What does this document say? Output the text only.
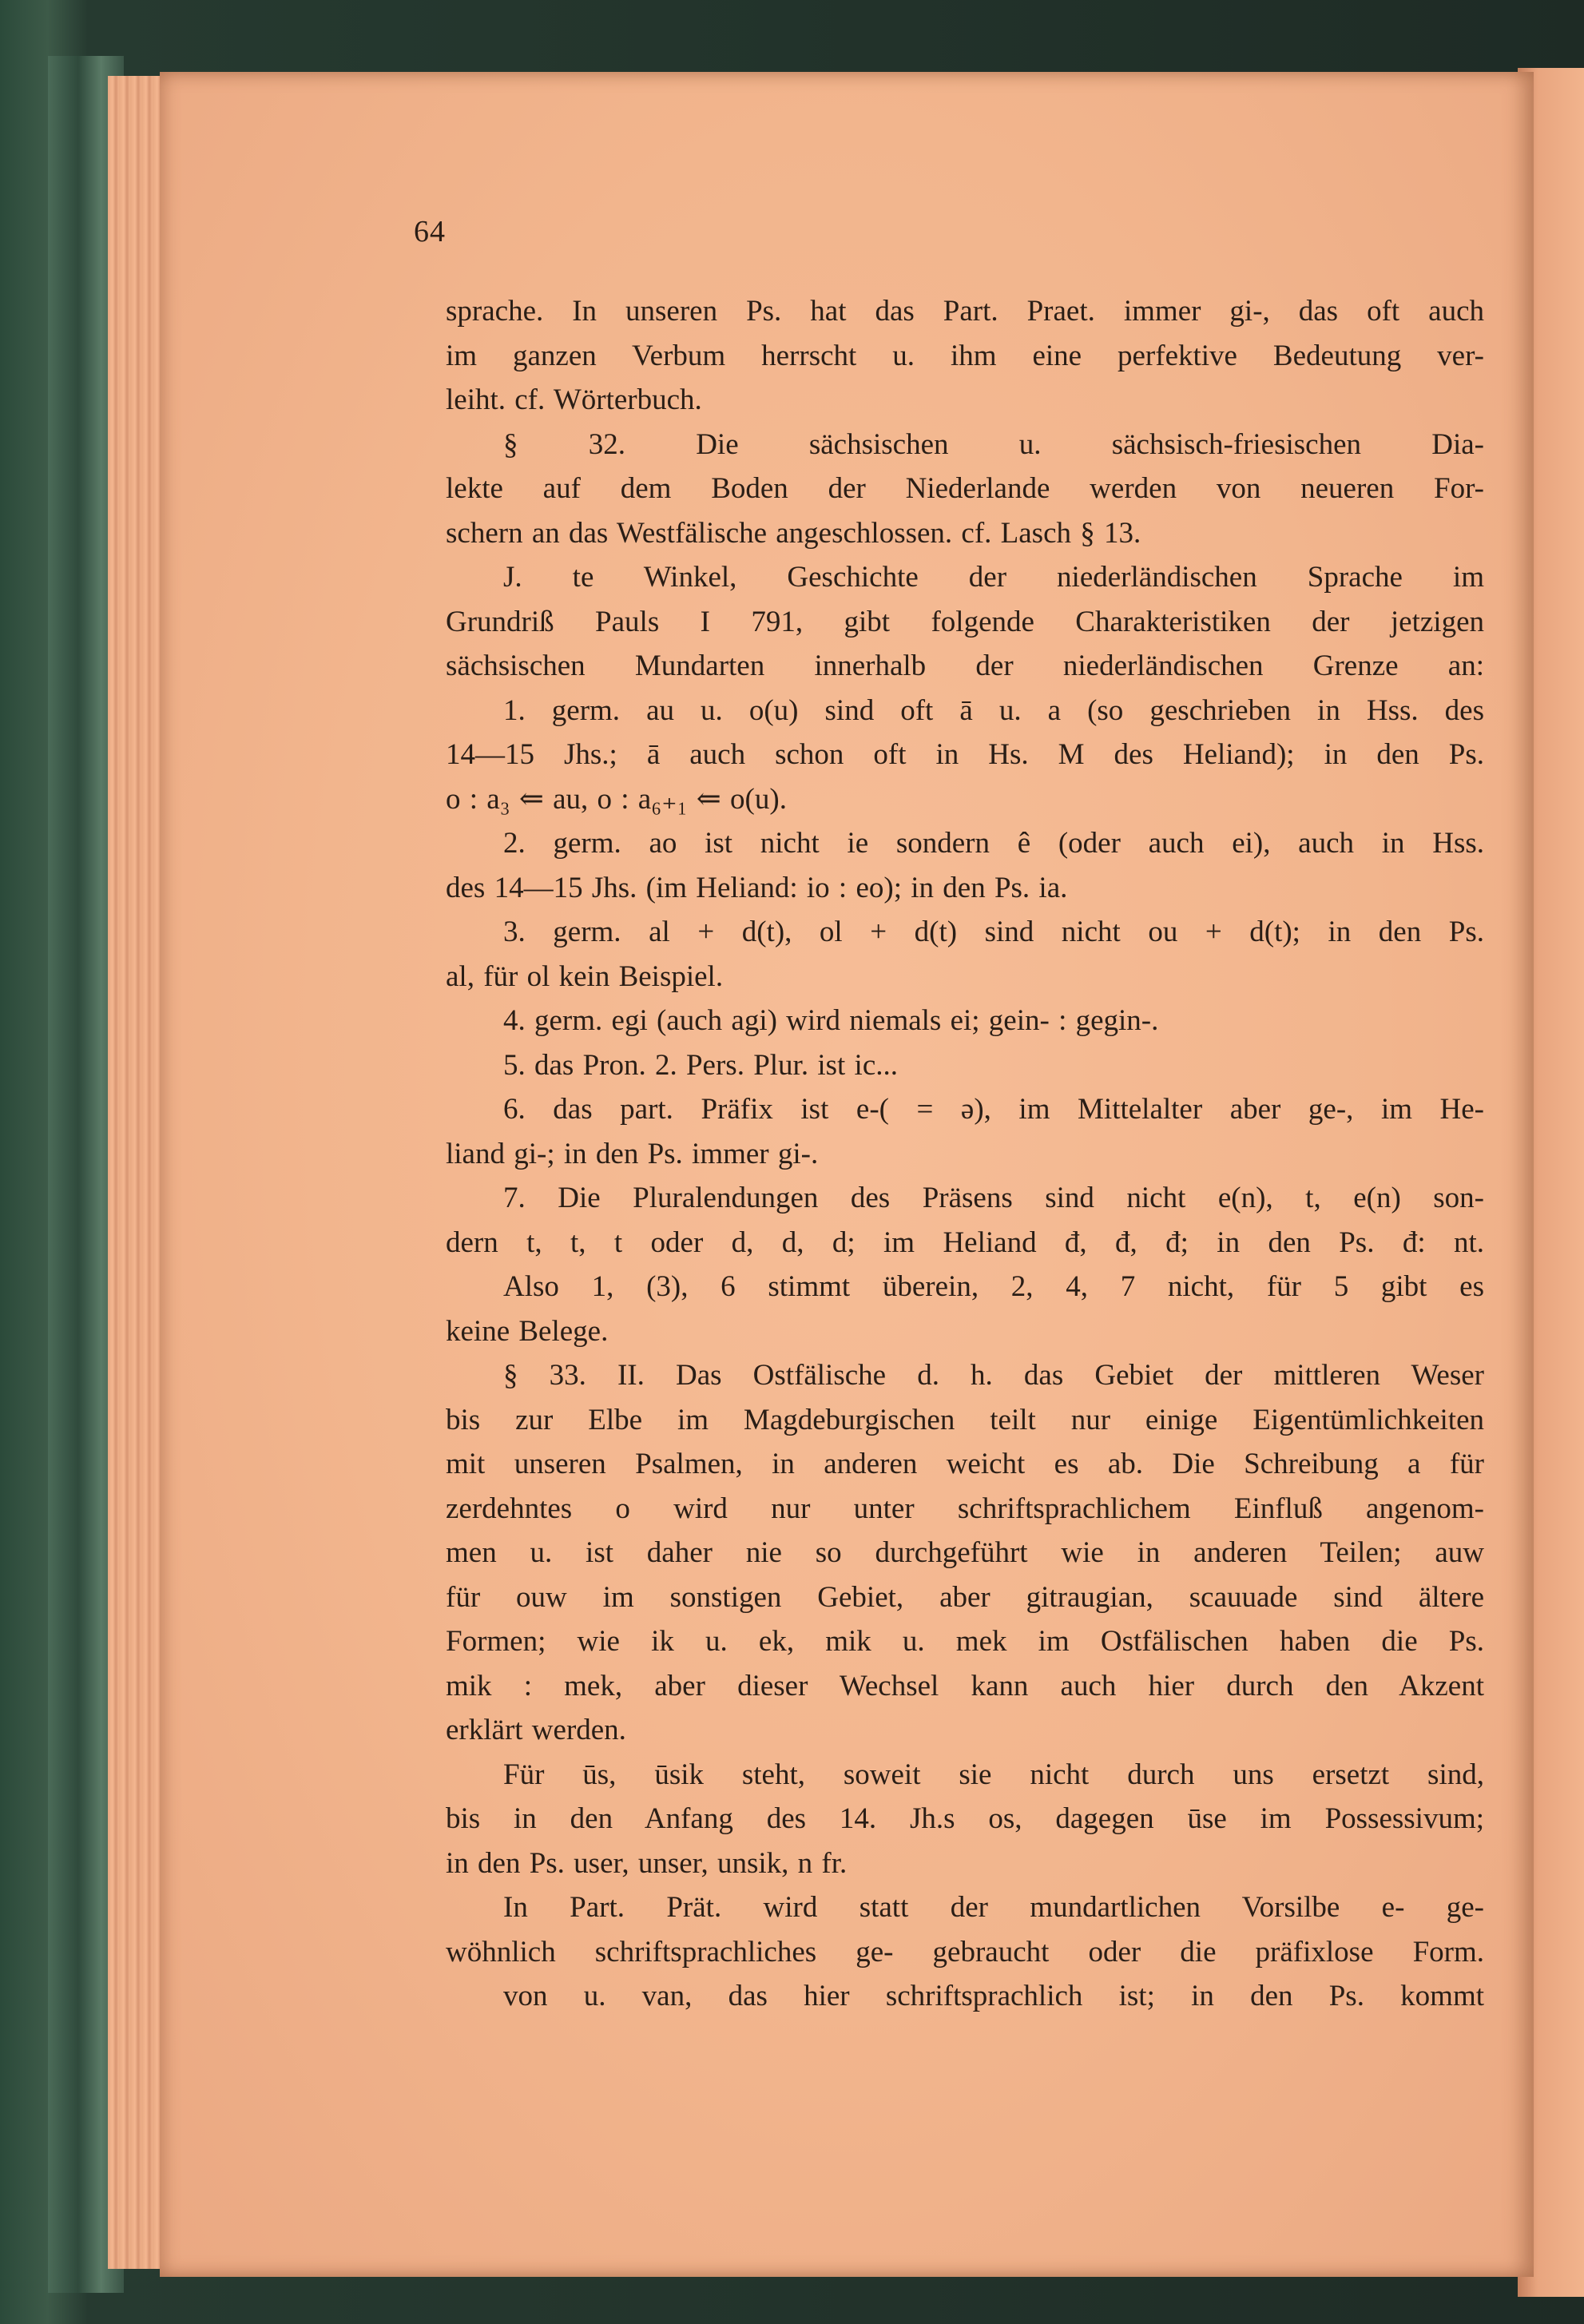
64
sprache. In unseren Ps. hat das Part. Praet. immer gi-, das oft auch
im ganzen Verbum herrscht u. ihm eine perfektive Bedeutung ver-
leiht. cf. Wörterbuch.
§ 32. Die sächsischen u. sächsisch-friesischen Dia-
lekte auf dem Boden der Niederlande werden von neueren For-
schern an das Westfälische angeschlossen. cf. Lasch § 13.
J. te Winkel, Geschichte der niederländischen Sprache im
Grundriß Pauls I 791, gibt folgende Charakteristiken der jetzigen
sächsischen Mundarten innerhalb der niederländischen Grenze an:
1. germ. au u. o(u) sind oft ā u. a (so geschrieben in Hss. des
14—15 Jhs.; ā auch schon oft in Hs. M des Heliand); in den Ps.
o : a₃ ⇐ au, o : a₆₊₁ ⇐ o(u).
2. germ. ao ist nicht ie sondern ê (oder auch ei), auch in Hss.
des 14—15 Jhs. (im Heliand: io : eo); in den Ps. ia.
3. germ. al + d(t), ol + d(t) sind nicht ou + d(t); in den Ps.
al, für ol kein Beispiel.
4. germ. egi (auch agi) wird niemals ei; gein- : gegin-.
5. das Pron. 2. Pers. Plur. ist ic...
6. das part. Präfix ist e-( = ə), im Mittelalter aber ge-, im He-
liand gi-; in den Ps. immer gi-.
7. Die Pluralendungen des Präsens sind nicht e(n), t, e(n) son-
dern t, t, t oder d, d, d; im Heliand đ, đ, đ; in den Ps. đ: nt.
Also 1, (3), 6 stimmt überein, 2, 4, 7 nicht, für 5 gibt es
keine Belege.
§ 33. II. Das Ostfälische d. h. das Gebiet der mittleren Weser
bis zur Elbe im Magdeburgischen teilt nur einige Eigentümlichkeiten
mit unseren Psalmen, in anderen weicht es ab. Die Schreibung a für
zerdehntes o wird nur unter schriftsprachlichem Einfluß angenom-
men u. ist daher nie so durchgeführt wie in anderen Teilen; auw
für ouw im sonstigen Gebiet, aber gitraugian, scauuade sind ältere
Formen; wie ik u. ek, mik u. mek im Ostfälischen haben die Ps.
mik : mek, aber dieser Wechsel kann auch hier durch den Akzent
erklärt werden.
Für ūs, ūsik steht, soweit sie nicht durch uns ersetzt sind,
bis in den Anfang des 14. Jh.s os, dagegen ūse im Possessivum;
in den Ps. user, unser, unsik, n fr.
In Part. Prät. wird statt der mundartlichen Vorsilbe e- ge-
wöhnlich schriftsprachliches ge- gebraucht oder die präfixlose Form.
von u. van, das hier schriftsprachlich ist; in den Ps. kommt
